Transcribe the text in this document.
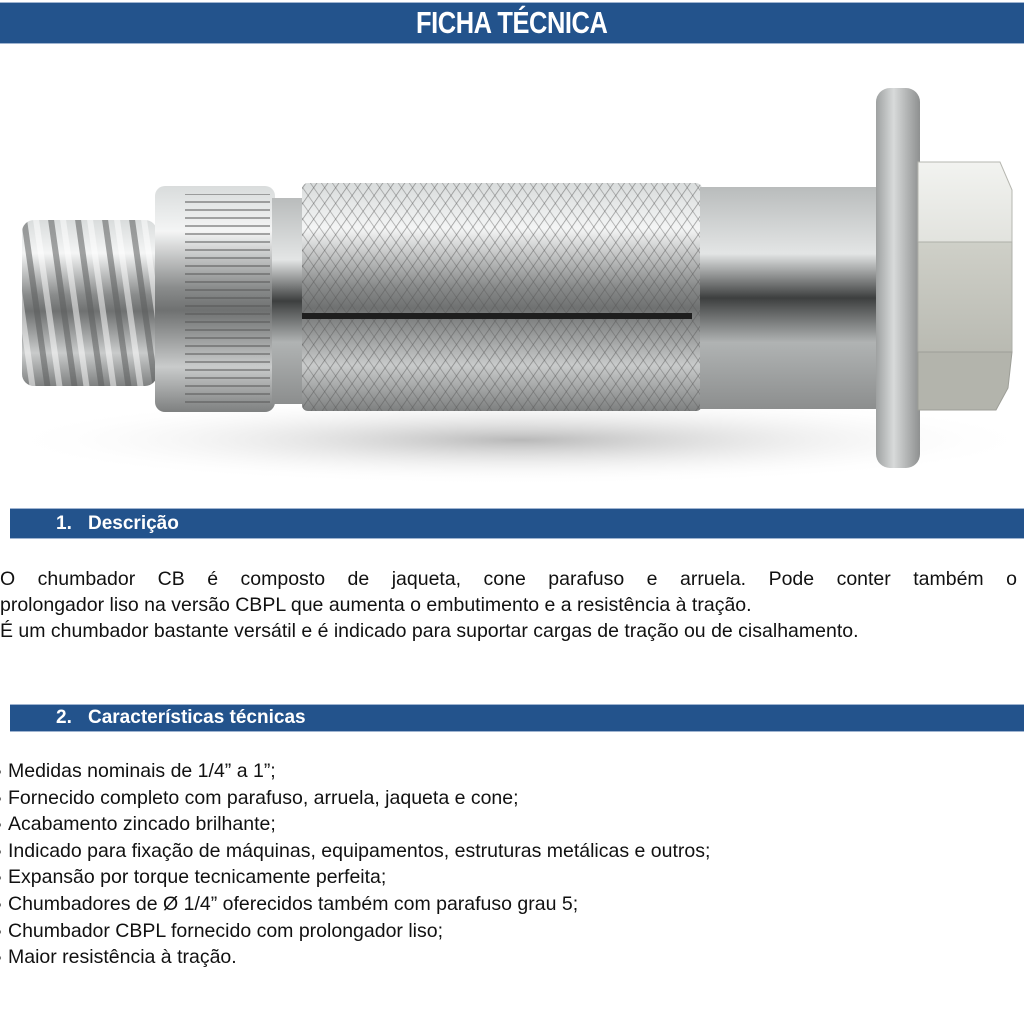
FICHA TÉCNICA
1. Descrição

O chumbador CB é composto de jaqueta, cone parafuso e arruela. Pode conter também o

prolongador liso na versão CBPL que aumenta o embutimento e a resistência à tração.

É um chumbador bastante versátil e é indicado para suportar cargas de tração ou de cisalhamento.

2. Características técnicas
Medidas nominais de 1/4” a 1”;
Fornecido completo com parafuso, arruela, jaqueta e cone;
Acabamento zincado brilhante;
Indicado para fixação de máquinas, equipamentos, estruturas metálicas e outros;
Expansão por torque tecnicamente perfeita;
Chumbadores de Ø 1/4” oferecidos também com parafuso grau 5;
Chumbador CBPL fornecido com prolongador liso;
Maior resistência à tração.
